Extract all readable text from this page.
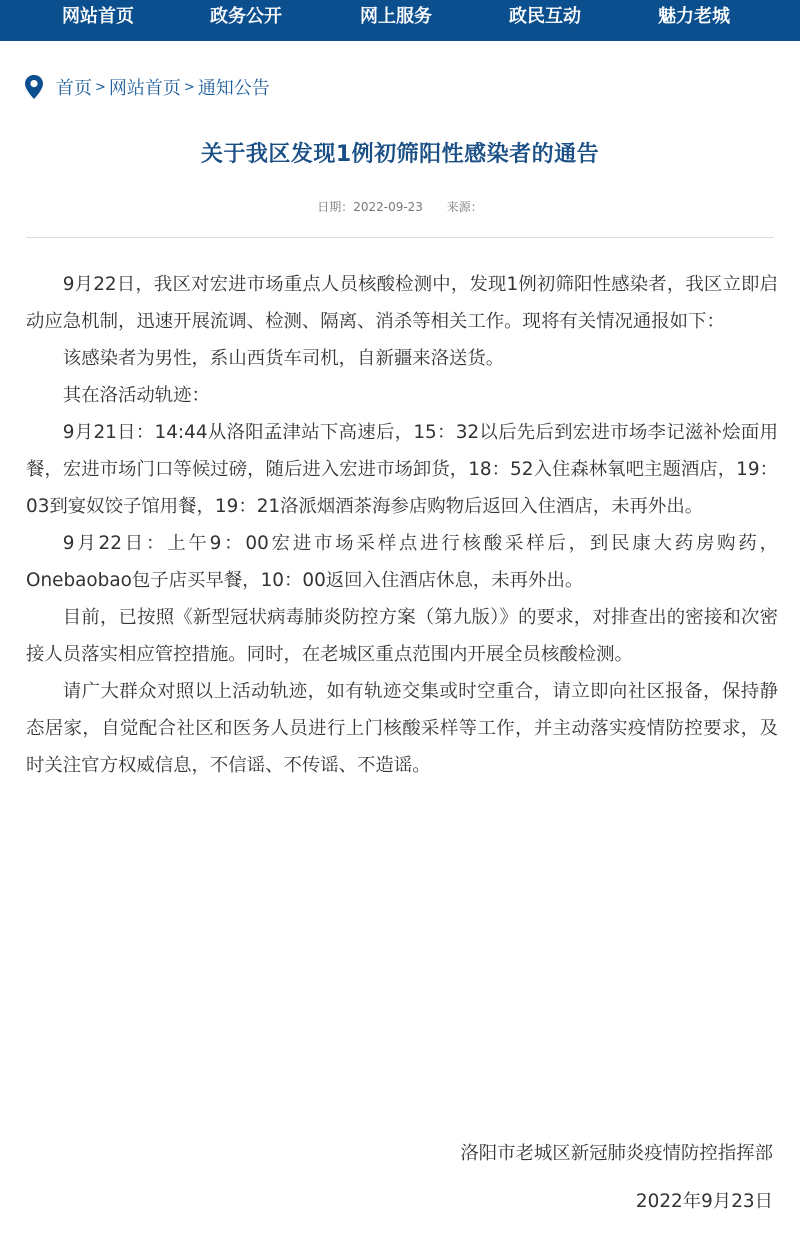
网站首页	政务公开	网上服务	政民互动	魅力老城
首页 > 网站首页 > 通知公告
关于我区发现1例初筛阳性感染者的通告
日期：2022-09-23 来源：

9月22日，我区对宏进市场重点人员核酸检测中，发现1例初筛阳性感染者，我区立即启动应急机制，迅速开展流调、检测、隔离、消杀等相关工作。现将有关情况通报如下：

该感染者为男性，系山西货车司机，自新疆来洛送货。

其在洛活动轨迹：

9月21日：14:44从洛阳孟津站下高速后，15：32以后先后到宏进市场李记滋补烩面用餐，宏进市场门口等候过磅，随后进入宏进市场卸货，18：52入住森林氧吧主题酒店，19：03到宴奴饺子馆用餐，19：21洛派烟酒茶海参店购物后返回入住酒店，未再外出。

9月22日：上午9：00宏进市场采样点进行核酸采样后，到民康大药房购药，Onebaobao包子店买早餐，10：00返回入住酒店休息，未再外出。

目前，已按照《新型冠状病毒肺炎防控方案（第九版）》的要求，对排查出的密接和次密接人员落实相应管控措施。同时，在老城区重点范围内开展全员核酸检测。

请广大群众对照以上活动轨迹，如有轨迹交集或时空重合，请立即向社区报备，保持静态居家，自觉配合社区和医务人员进行上门核酸采样等工作，并主动落实疫情防控要求，及时关注官方权威信息，不信谣、不传谣、不造谣。

洛阳市老城区新冠肺炎疫情防控指挥部
2022年9月23日
